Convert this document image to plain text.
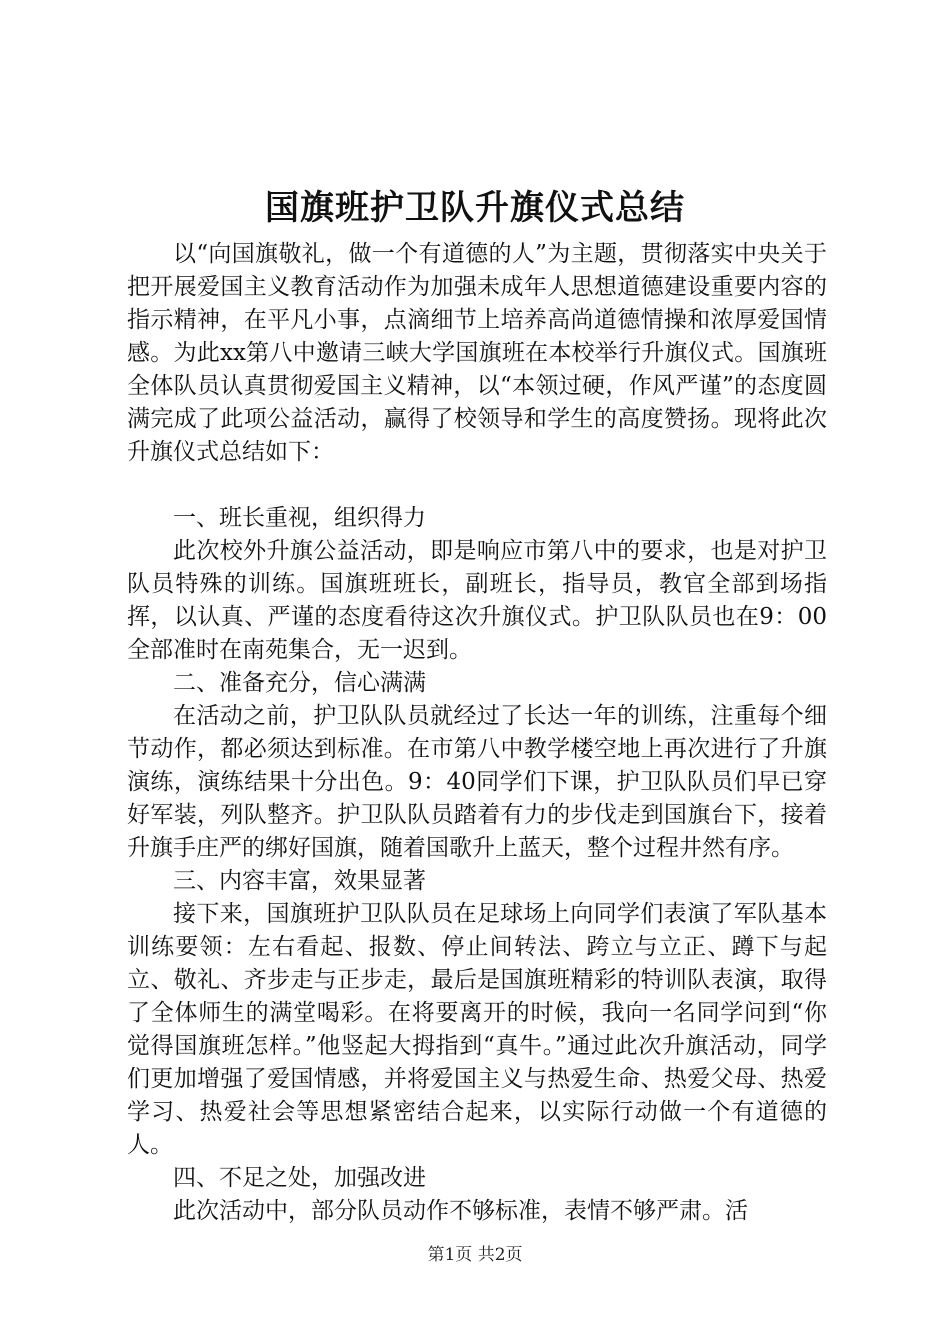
国旗班护卫队升旗仪式总结

以“向国旗敬礼，做一个有道德的人”为主题，贯彻落实中央关于把开展爱国主义教育活动作为加强未成年人思想道德建设重要内容的指示精神，在平凡小事，点滴细节上培养高尚道德情操和浓厚爱国情感。为此xx第八中邀请三峡大学国旗班在本校举行升旗仪式。国旗班全体队员认真贯彻爱国主义精神，以“本领过硬，作风严谨”的态度圆满完成了此项公益活动，赢得了校领导和学生的高度赞扬。现将此次升旗仪式总结如下：

一、班长重视，组织得力

此次校外升旗公益活动，即是响应市第八中的要求，也是对护卫队员特殊的训练。国旗班班长，副班长，指导员，教官全部到场指挥，以认真、严谨的态度看待这次升旗仪式。护卫队队员也在9：00全部准时在南苑集合，无一迟到。

二、准备充分，信心满满

在活动之前，护卫队队员就经过了长达一年的训练，注重每个细节动作，都必须达到标准。在市第八中教学楼空地上再次进行了升旗演练，演练结果十分出色。9：40同学们下课，护卫队队员们早已穿好军装，列队整齐。护卫队队员踏着有力的步伐走到国旗台下，接着升旗手庄严的绑好国旗，随着国歌升上蓝天，整个过程井然有序。

三、内容丰富，效果显著

接下来，国旗班护卫队队员在足球场上向同学们表演了军队基本训练要领：左右看起、报数、停止间转法、跨立与立正、蹲下与起立、敬礼、齐步走与正步走，最后是国旗班精彩的特训队表演，取得了全体师生的满堂喝彩。在将要离开的时候，我向一名同学问到“你觉得国旗班怎样。”他竖起大拇指到“真牛。”通过此次升旗活动，同学们更加增强了爱国情感，并将爱国主义与热爱生命、热爱父母、热爱学习、热爱社会等思想紧密结合起来，以实际行动做一个有道德的人。

四、不足之处，加强改进

此次活动中，部分队员动作不够标准，表情不够严肃。活

第1页 共2页
